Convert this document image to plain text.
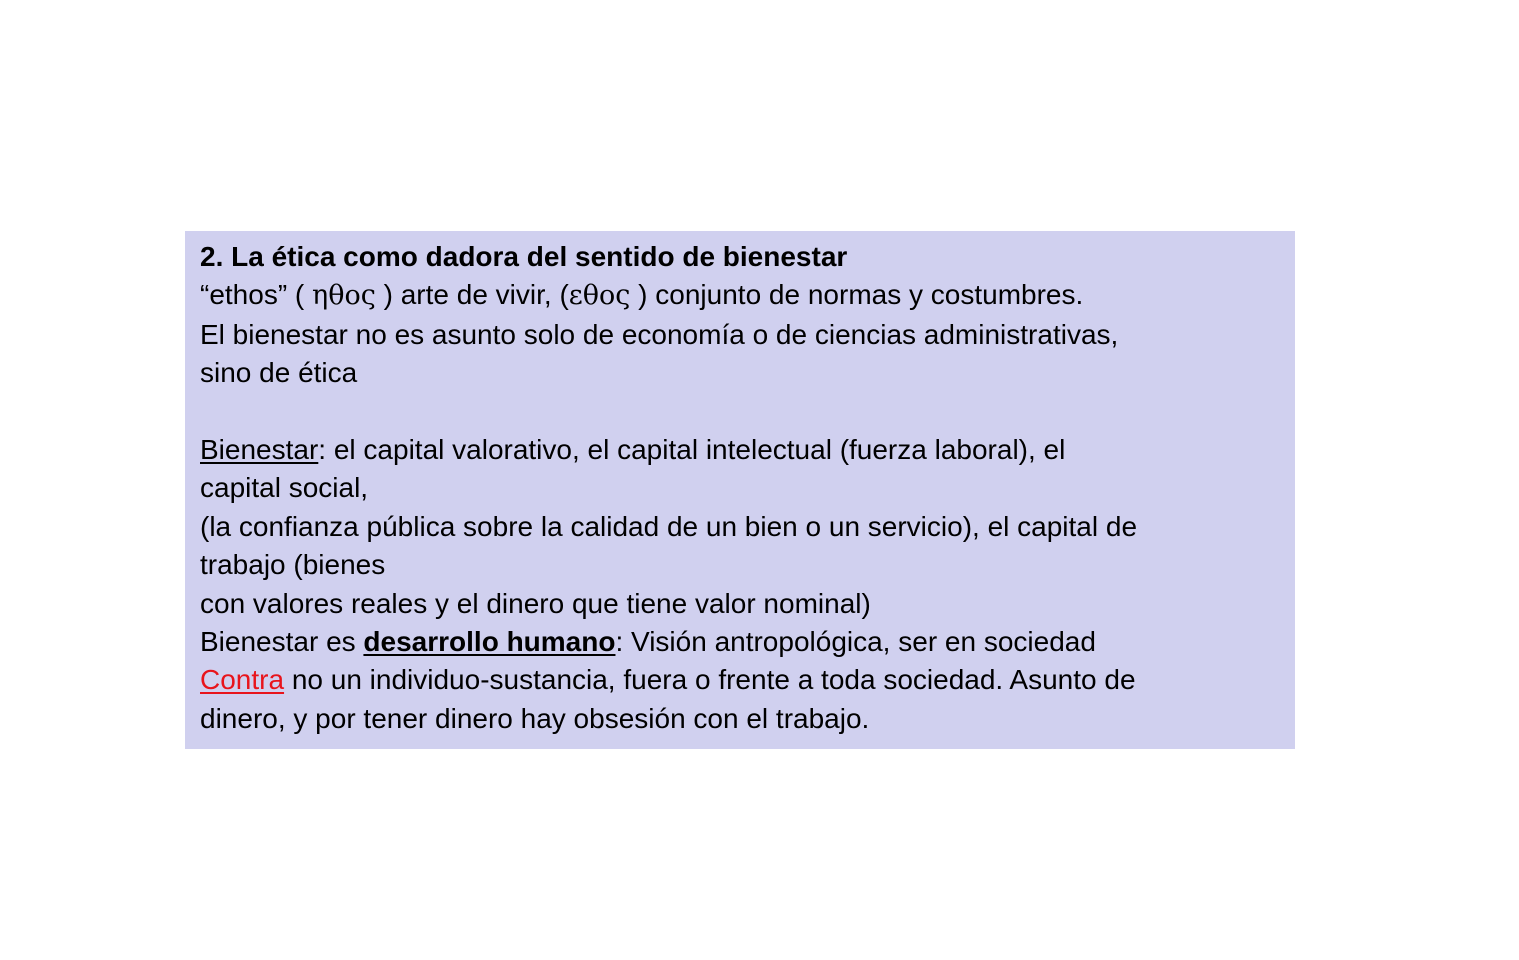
2. La ética como dadora del sentido de bienestar
“ethos” ( ηθος ) arte de vivir, (εθος ) conjunto de normas y costumbres.
El bienestar no es asunto solo de economía o de ciencias administrativas,
sino de ética
Bienestar: el capital valorativo, el capital intelectual (fuerza laboral), el
capital social,
(la confianza pública sobre la calidad de un bien o un servicio), el capital de
trabajo (bienes
con valores reales y el dinero que tiene valor nominal)
Bienestar es desarrollo humano: Visión antropológica, ser en sociedad
Contra no un individuo-sustancia, fuera o frente a toda sociedad. Asunto de
dinero, y por tener dinero hay obsesión con el trabajo.
